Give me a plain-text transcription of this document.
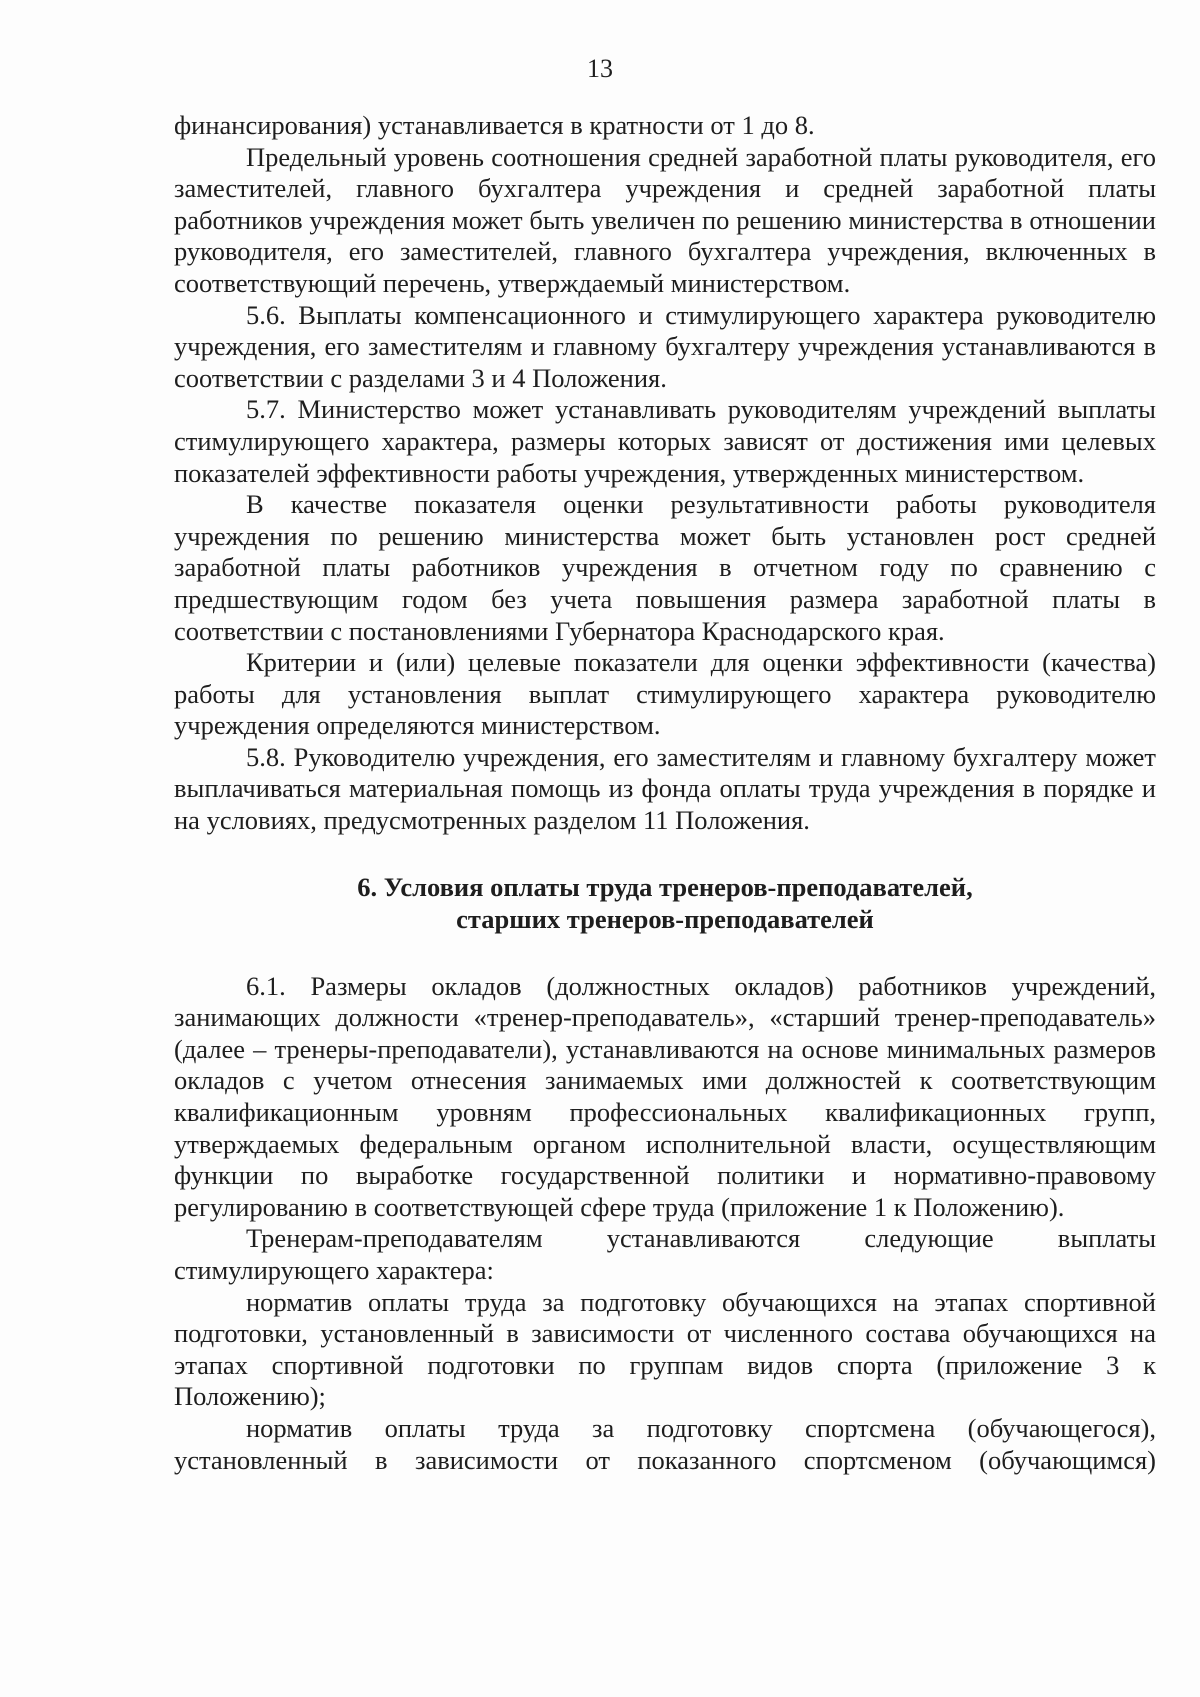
13

финансирования) устанавливается в кратности от 1 до 8.

Предельный уровень соотношения средней заработной платы руководителя, его заместителей, главного бухгалтера учреждения и средней заработной платы работников учреждения может быть увеличен по решению министерства в отношении руководителя, его заместителей, главного бухгалтера учреждения, включенных в соответствующий перечень, утверждаемый министерством.

5.6. Выплаты компенсационного и стимулирующего характера руководителю учреждения, его заместителям и главному бухгалтеру учреждения устанавливаются в соответствии с разделами 3 и 4 Положения.

5.7. Министерство может устанавливать руководителям учреждений выплаты стимулирующего характера, размеры которых зависят от достижения ими целевых показателей эффективности работы учреждения, утвержденных министерством.

В качестве показателя оценки результативности работы руководителя учреждения по решению министерства может быть установлен рост средней заработной платы работников учреждения в отчетном году по сравнению с предшествующим годом без учета повышения размера заработной платы в соответствии с постановлениями Губернатора Краснодарского края.

Критерии и (или) целевые показатели для оценки эффективности (качества) работы для установления выплат стимулирующего характера руководителю учреждения определяются министерством.

5.8. Руководителю учреждения, его заместителям и главному бухгалтеру может выплачиваться материальная помощь из фонда оплаты труда учреждения в порядке и на условиях, предусмотренных разделом 11 Положения.

6. Условия оплаты труда тренеров-преподавателей,
старших тренеров-преподавателей

6.1. Размеры окладов (должностных окладов) работников учреждений, занимающих должности «тренер-преподаватель», «старший тренер-преподаватель» (далее – тренеры-преподаватели), устанавливаются на основе минимальных размеров окладов с учетом отнесения занимаемых ими должностей к соответствующим квалификационным уровням профессиональных квалификационных групп, утверждаемых федеральным органом исполнительной власти, осуществляющим функции по выработке государственной политики и нормативно-правовому регулированию в соответствующей сфере труда (приложение 1 к Положению).

Тренерам-преподавателям устанавливаются следующие выплаты стимулирующего характера:

норматив оплаты труда за подготовку обучающихся на этапах спортивной подготовки, установленный в зависимости от численного состава обучающихся на этапах спортивной подготовки по группам видов спорта (приложение 3 к Положению);

норматив оплаты труда за подготовку спортсмена (обучающегося), установленный в зависимости от показанного спортсменом (обучающимся)
